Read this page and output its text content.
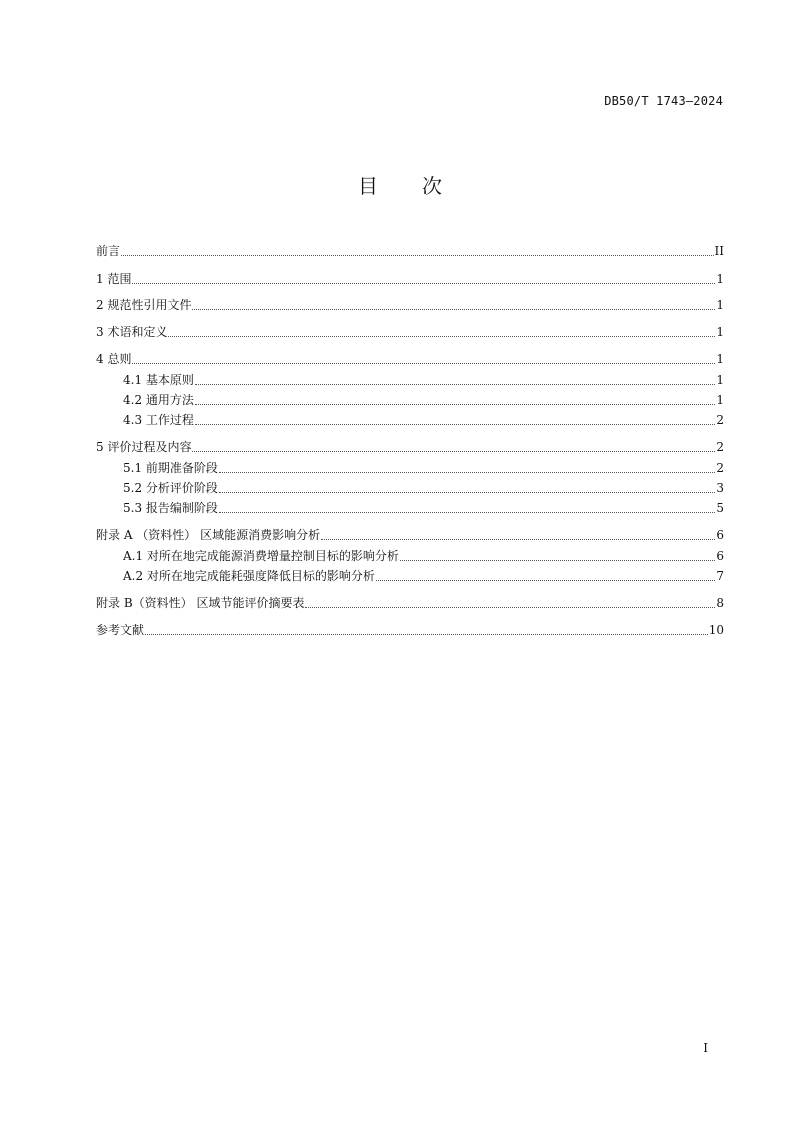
DB50/T 1743—2024
目 次
前言	II
1 范围	1
2 规范性引用文件	1
3 术语和定义	1
4 总则	1
4.1 基本原则	1
4.2 通用方法	1
4.3 工作过程	2
5 评价过程及内容	2
5.1 前期准备阶段	2
5.2 分析评价阶段	3
5.3 报告编制阶段	5
附录 A （资料性） 区域能源消费影响分析	6
A.1 对所在地完成能源消费增量控制目标的影响分析	6
A.2 对所在地完成能耗强度降低目标的影响分析	7
附录 B（资料性） 区域节能评价摘要表	8
参考文献	10
I
